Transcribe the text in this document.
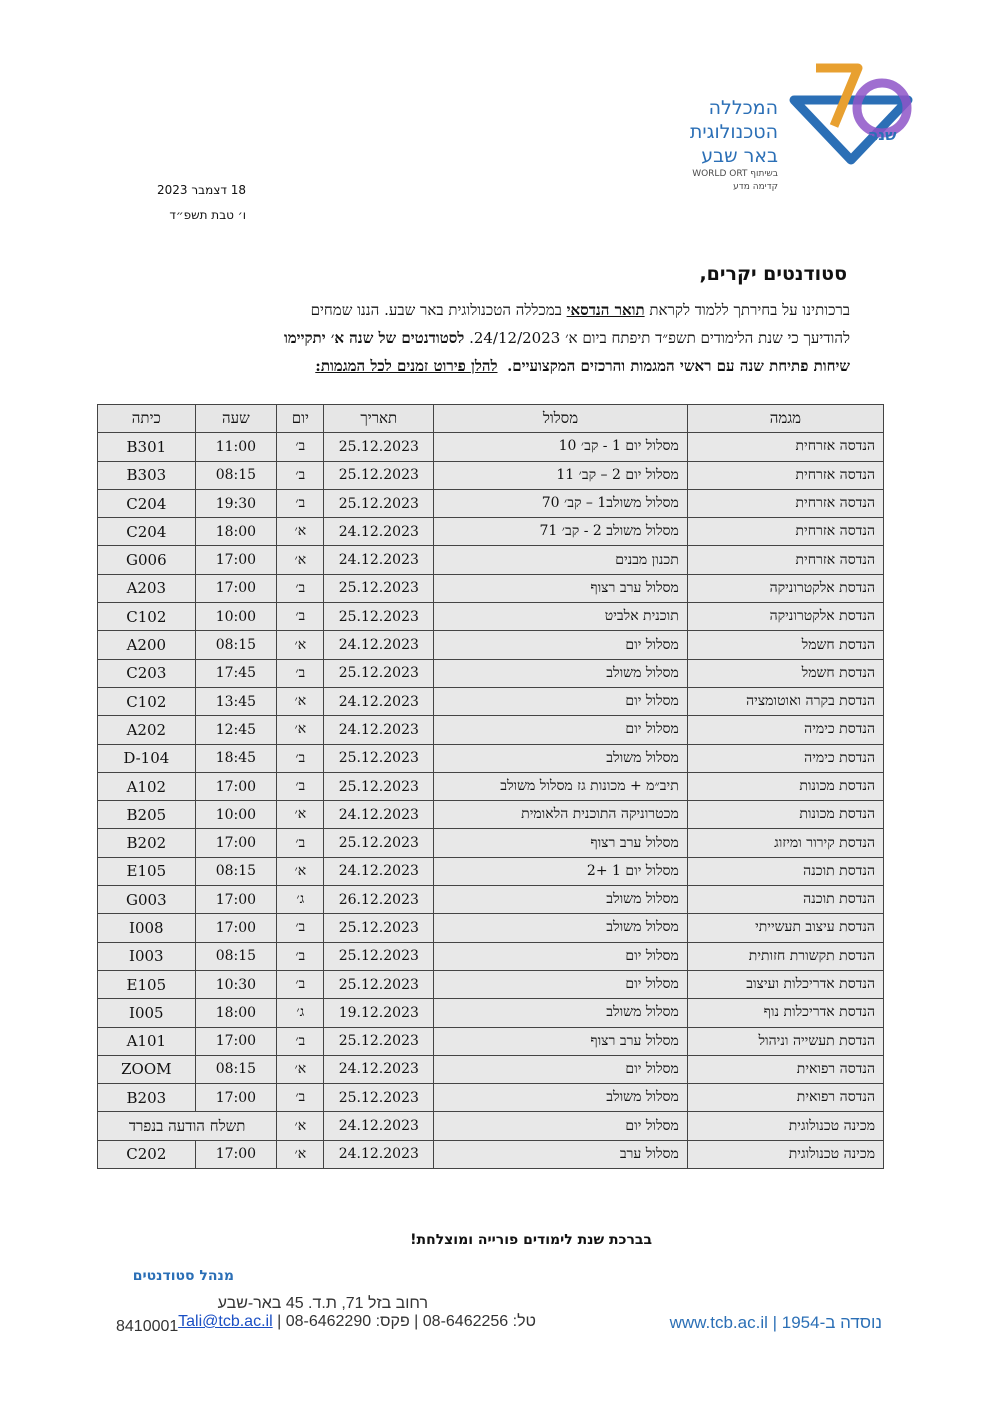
שנה
המכללה
הטכנולוגית
באר שבע
בשיתוף WORLD ORT
קדימה מדע
18 דצמבר 2023
ו׳ טבת תשפ״ד
סטודנטים יקרים,
ברכותינו על בחירתך ללמוד לקראת תואר הנדסאי במכללה הטכנולוגית באר שבע. הננו שמחים
להודיעך כי שנת הלימודים תשפ״ד תיפתח ביום א׳ 24/12/2023. לסטודנטים של שנה א׳ יתקיימו
שיחות פתיחת שנה עם ראשי המגמות והרכזים המקצועיים.  להלן פירוט זמנים לכל המגמות:
מגמה	מסלול	תאריך	יום	שעה	כיתה
הנדסה אזרחית	מסלול יום 1 - קב׳ 10	25.12.2023	ב׳	11:00	B301
הנדסה אזרחית	מסלול יום 2 – קב׳ 11	25.12.2023	ב׳	08:15	B303
הנדסה אזרחית	מסלול משולב1 – קב׳ 70	25.12.2023	ב׳	19:30	C204
הנדסה אזרחית	מסלול משולב 2 - קב׳ 71	24.12.2023	א׳	18:00	C204
הנדסה אזרחית	תכנון מבנים	24.12.2023	א׳	17:00	G006
הנדסת אלקטרוניקה	מסלול ערב רצוף	25.12.2023	ב׳	17:00	A203
הנדסת אלקטרוניקה	תוכנית אלביט	25.12.2023	ב׳	10:00	C102
הנדסת חשמל	מסלול יום	24.12.2023	א׳	08:15	A200
הנדסת חשמל	מסלול משולב	25.12.2023	ב׳	17:45	C203
הנדסת בקרה ואוטומציה	מסלול יום	24.12.2023	א׳	13:45	C102
הנדסת כימיה	מסלול יום	24.12.2023	א׳	12:45	A202
הנדסת כימיה	מסלול משולב	25.12.2023	ב׳	18:45	D-104
הנדסת מכונות	תיב״מ + מכונות גז מסלול משולב	25.12.2023	ב׳	17:00	A102
הנדסת מכונות	מכטרוניקה התוכנית הלאומית	24.12.2023	א׳	10:00	B205
הנדסת קירור ומיזוג	מסלול ערב רצוף	25.12.2023	ב׳	17:00	B202
הנדסת תוכנה	מסלול יום 1 +2	24.12.2023	א׳	08:15	E105
הנדסת תוכנה	מסלול משולב	26.12.2023	ג׳	17:00	G003
הנדסת עיצוב תעשייתי	מסלול משולב	25.12.2023	ב׳	17:00	I008
הנדסת תקשורת חזותית	מסלול יום	25.12.2023	ב׳	08:15	I003
הנדסת אדריכלות ועיצוב	מסלול יום	25.12.2023	ב׳	10:30	E105
הנדסת אדריכלות נוף	מסלול משולב	19.12.2023	ג׳	18:00	I005
הנדסת תעשייה וניהול	מסלול ערב רצוף	25.12.2023	ב׳	17:00	A101
הנדסה רפואית	מסלול יום	24.12.2023	א׳	08:15	ZOOM
הנדסה רפואית	מסלול משולב	25.12.2023	ב׳	17:00	B203
מכינה טכנולוגית	מסלול יום	24.12.2023	א׳	תשלח הודעה בנפרד	
מכינה טכנולוגית	מסלול ערב	24.12.2023	א׳	17:00	C202
בברכת שנת לימודים פורייה ומוצלחת!
מנהל סטודנטים
רחוב בזל 71, ת.ד. 45 באר-שבע
8410001	טל: 08-6462256 | פקס: 08-6462290 | Tali@tcb.ac.il	נוסדה ב-1954 | www.tcb.ac.il
